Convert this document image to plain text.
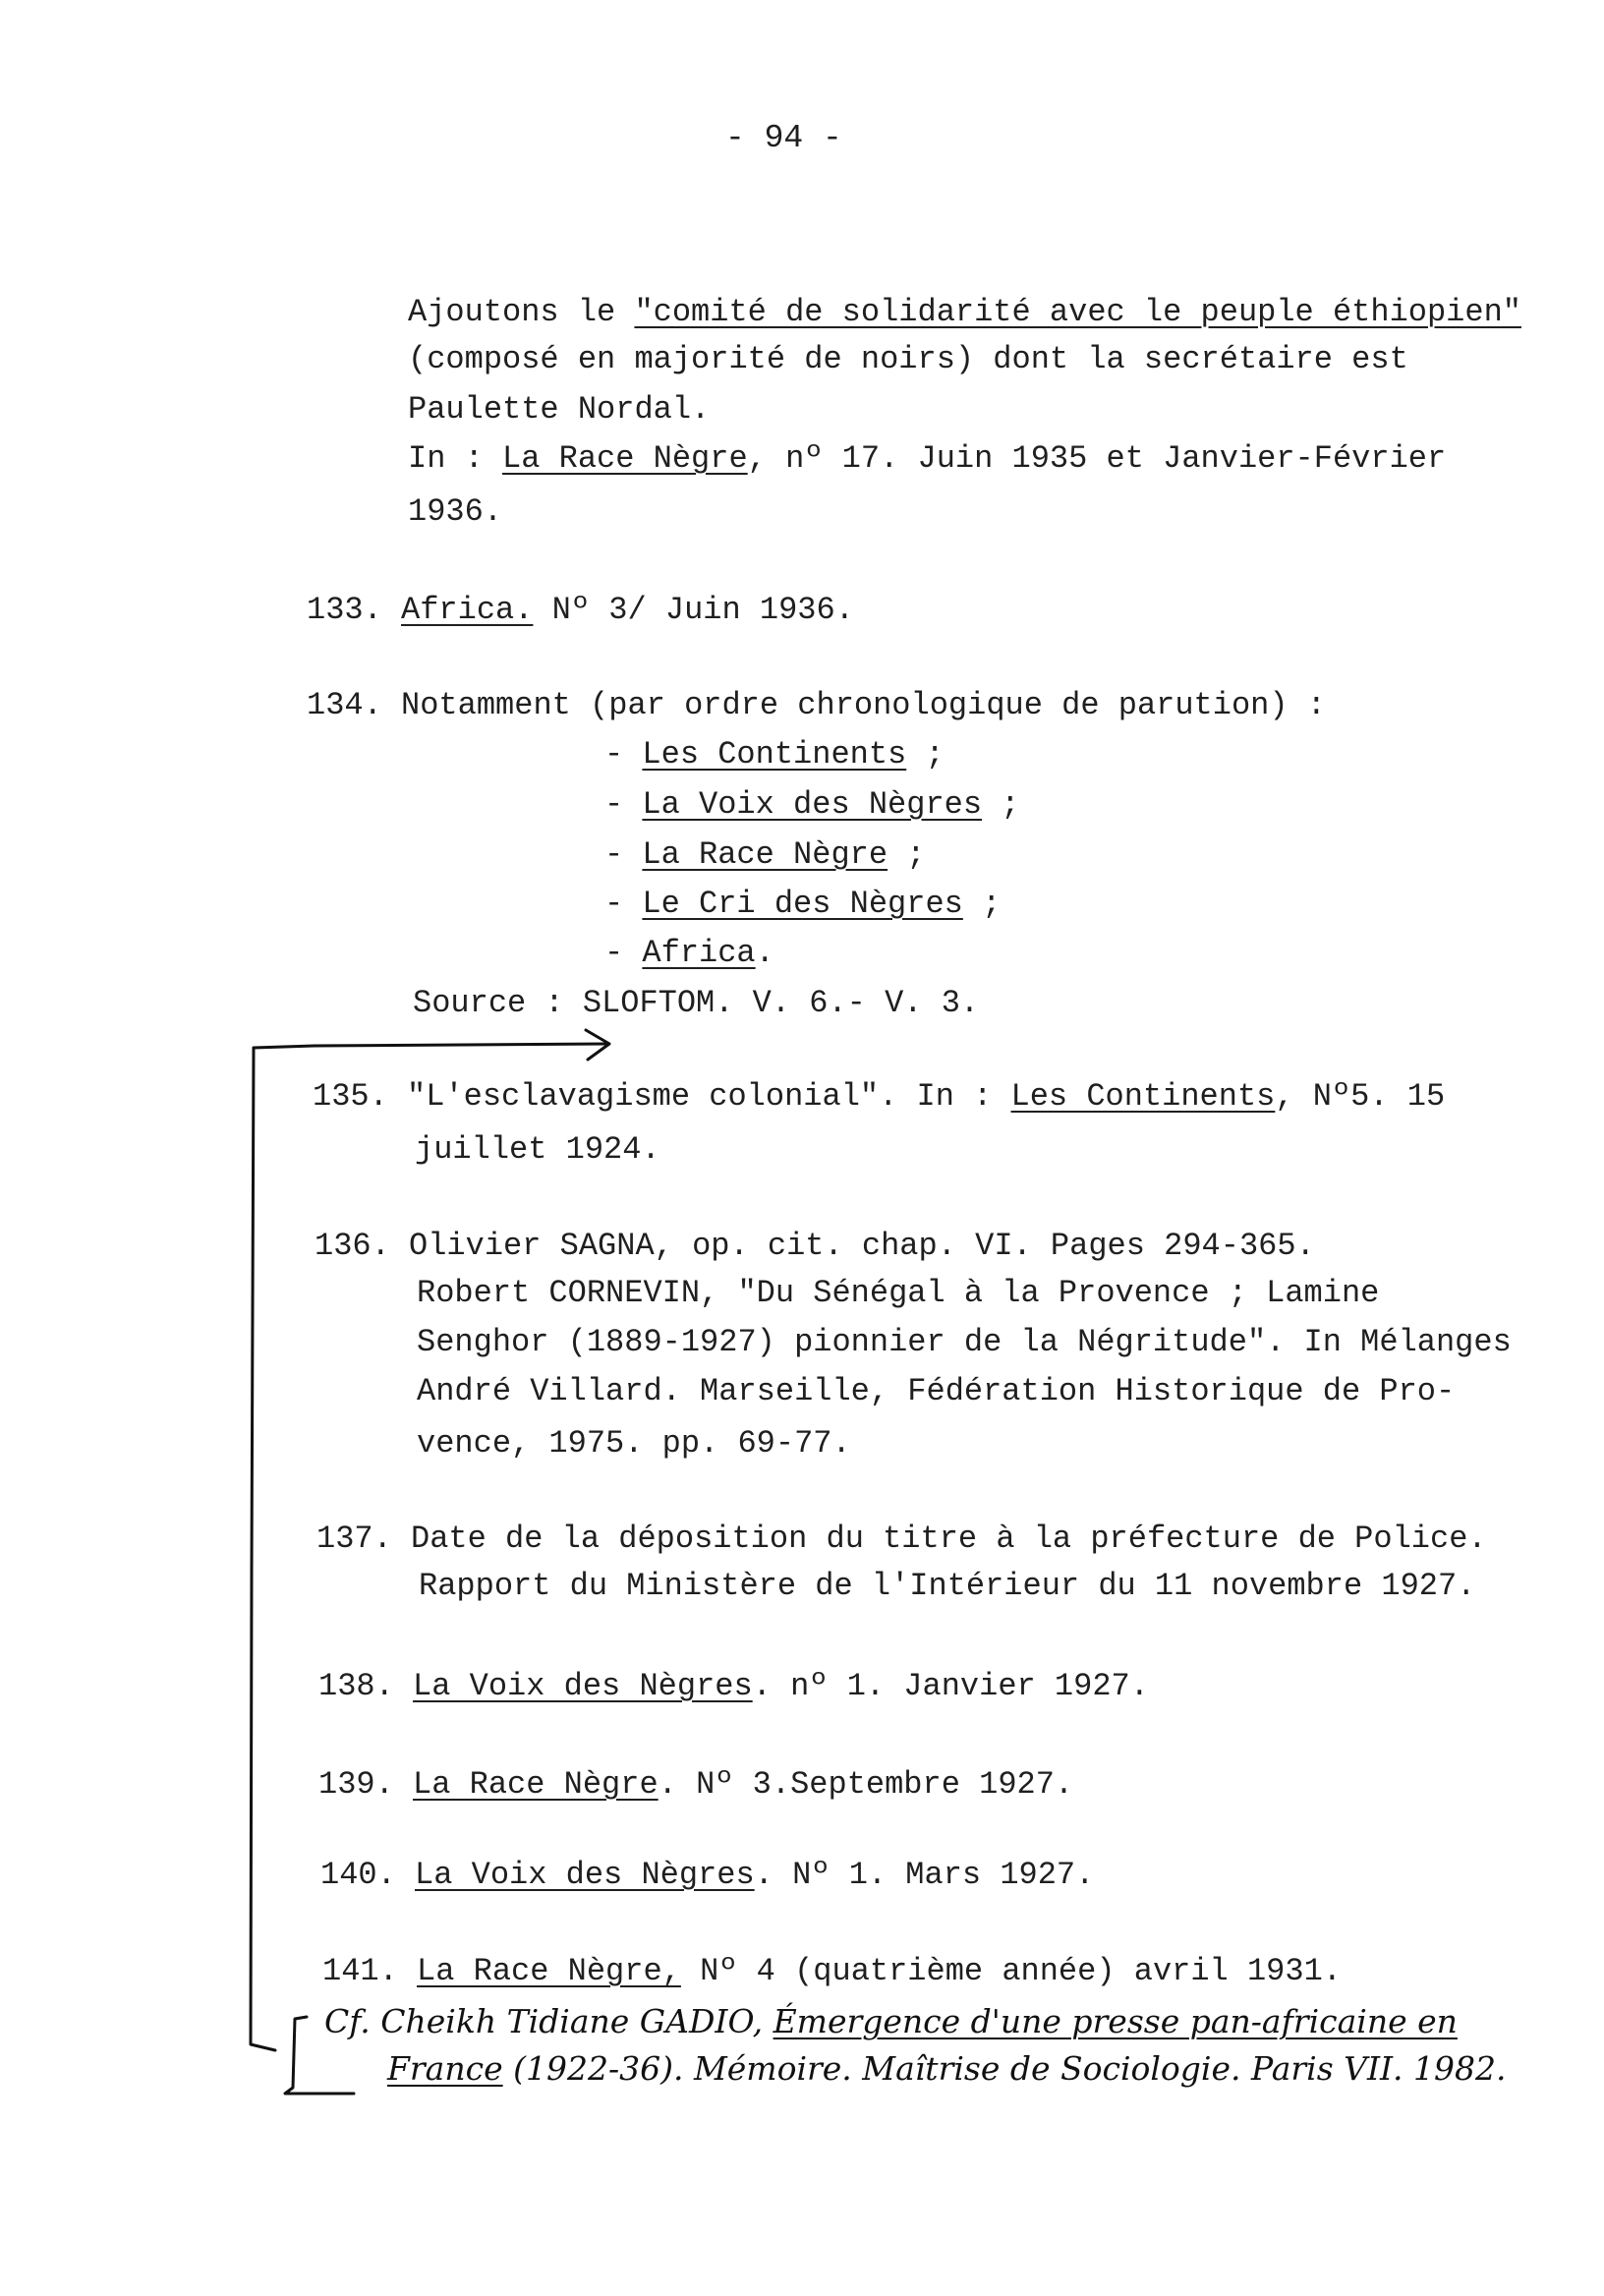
- 94 -
Ajoutons le "comité de solidarité avec le peuple éthiopien"
(composé en majorité de noirs) dont la secrétaire est
Paulette Nordal.
In : La Race Nègre, nº 17. Juin 1935 et Janvier-Février
1936.
133. Africa. Nº 3/ Juin 1936.
134. Notamment (par ordre chronologique de parution) :
- Les Continents ;
- La Voix des Nègres ;
- La Race Nègre ;
- Le Cri des Nègres ;
- Africa.
Source : SLOFTOM. V. 6.- V. 3.
135. "L'esclavagisme colonial". In : Les Continents, Nº5. 15
juillet 1924.
136. Olivier SAGNA, op. cit. chap. VI. Pages 294-365.
Robert CORNEVIN, "Du Sénégal à la Provence ; Lamine
Senghor (1889-1927) pionnier de la Négritude". In Mélanges
André Villard. Marseille, Fédération Historique de Pro-
vence, 1975. pp. 69-77.
137. Date de la déposition du titre à la préfecture de Police.
Rapport du Ministère de l'Intérieur du 11 novembre 1927.
138. La Voix des Nègres. nº 1. Janvier 1927.
139. La Race Nègre. Nº 3.Septembre 1927.
140. La Voix des Nègres. Nº 1. Mars 1927.
141. La Race Nègre, Nº 4 (quatrième année) avril 1931.
Cf. Cheikh Tidiane GADIO, Émergence d'une presse pan-africaine en
France (1922-36). Mémoire. Maîtrise de Sociologie. Paris VII. 1982.
